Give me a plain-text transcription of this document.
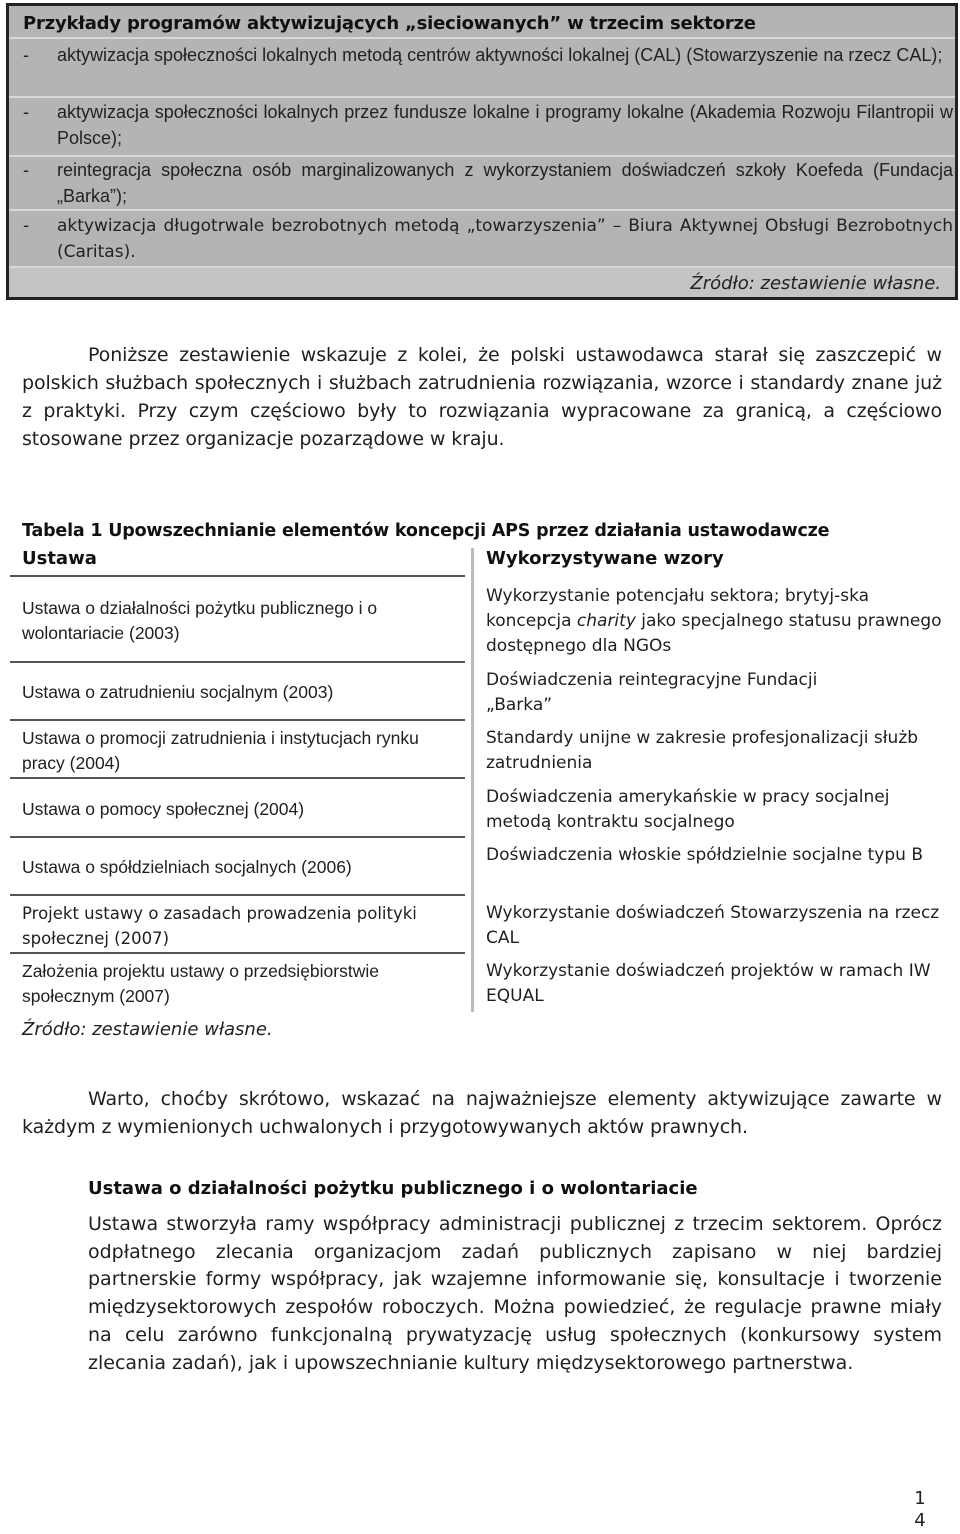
Przykłady programów aktywizujących „sieciowanych” w trzecim sektorze
- aktywizacja społeczności lokalnych metodą centrów aktywności lokalnej (CAL) (Stowarzyszenie na rzecz CAL);
- aktywizacja społeczności lokalnych przez fundusze lokalne i programy lokalne (Akademia Rozwoju Filantropii w Polsce);
- reintegracja społeczna osób marginalizowanych z wykorzystaniem doświadczeń szkoły Koefeda (Fundacja „Barka”);
- aktywizacja długotrwale bezrobotnych metodą „towarzyszenia” – Biura Aktywnej Obsługi Bezrobotnych (Caritas).
Źródło: zestawienie własne.
Poniższe zestawienie wskazuje z kolei, że polski ustawodawca starał się zaszczepić w polskich służbach społecznych i służbach zatrudnienia rozwiązania, wzorce i standardy znane już z praktyki. Przy czym częściowo były to rozwiązania wypracowane za granicą, a częściowo stosowane przez organizacje pozarządowe w kraju.
Tabela 1 Upowszechnianie elementów koncepcji APS przez działania ustawodawcze
Ustawa	Wykorzystywane wzory
Ustawa o działalności pożytku publicznego i o wolontariacie (2003)
Wykorzystanie potencjału sektora; brytyj-ska koncepcja charity jako specjalnego statusu prawnego dostępnego dla NGOs
Ustawa o zatrudnieniu socjalnym (2003)
Doświadczenia reintegracyjne Fundacji „Barka”
Ustawa o promocji zatrudnienia i instytucjach rynku pracy (2004)
Standardy unijne w zakresie profesjonalizacji służb zatrudnienia
Ustawa o pomocy społecznej (2004)
Doświadczenia amerykańskie w pracy socjalnej metodą kontraktu socjalnego
Ustawa o spółdzielniach socjalnych (2006)
Doświadczenia włoskie spółdzielnie socjalne typu B
Projekt ustawy o zasadach prowadzenia polityki społecznej (2007)
Wykorzystanie doświadczeń Stowarzyszenia na rzecz CAL
Założenia projektu ustawy o przedsiębiorstwie społecznym (2007)
Wykorzystanie doświadczeń projektów w ramach IW EQUAL
Źródło: zestawienie własne.
Warto, choćby skrótowo, wskazać na najważniejsze elementy aktywizujące zawarte w każdym z wymienionych uchwalonych i przygotowywanych aktów prawnych.
Ustawa o działalności pożytku publicznego i o wolontariacie
Ustawa stworzyła ramy współpracy administracji publicznej z trzecim sektorem. Oprócz odpłatnego zlecania organizacjom zadań publicznych zapisano w niej bardziej partnerskie formy współpracy, jak wzajemne informowanie się, konsultacje i tworzenie międzysektorowych zespołów roboczych. Można powiedzieć, że regulacje prawne miały na celu zarówno funkcjonalną prywatyzację usług społecznych (konkursowy system zlecania zadań), jak i upowszechnianie kultury międzysektorowego partnerstwa.
1
4
